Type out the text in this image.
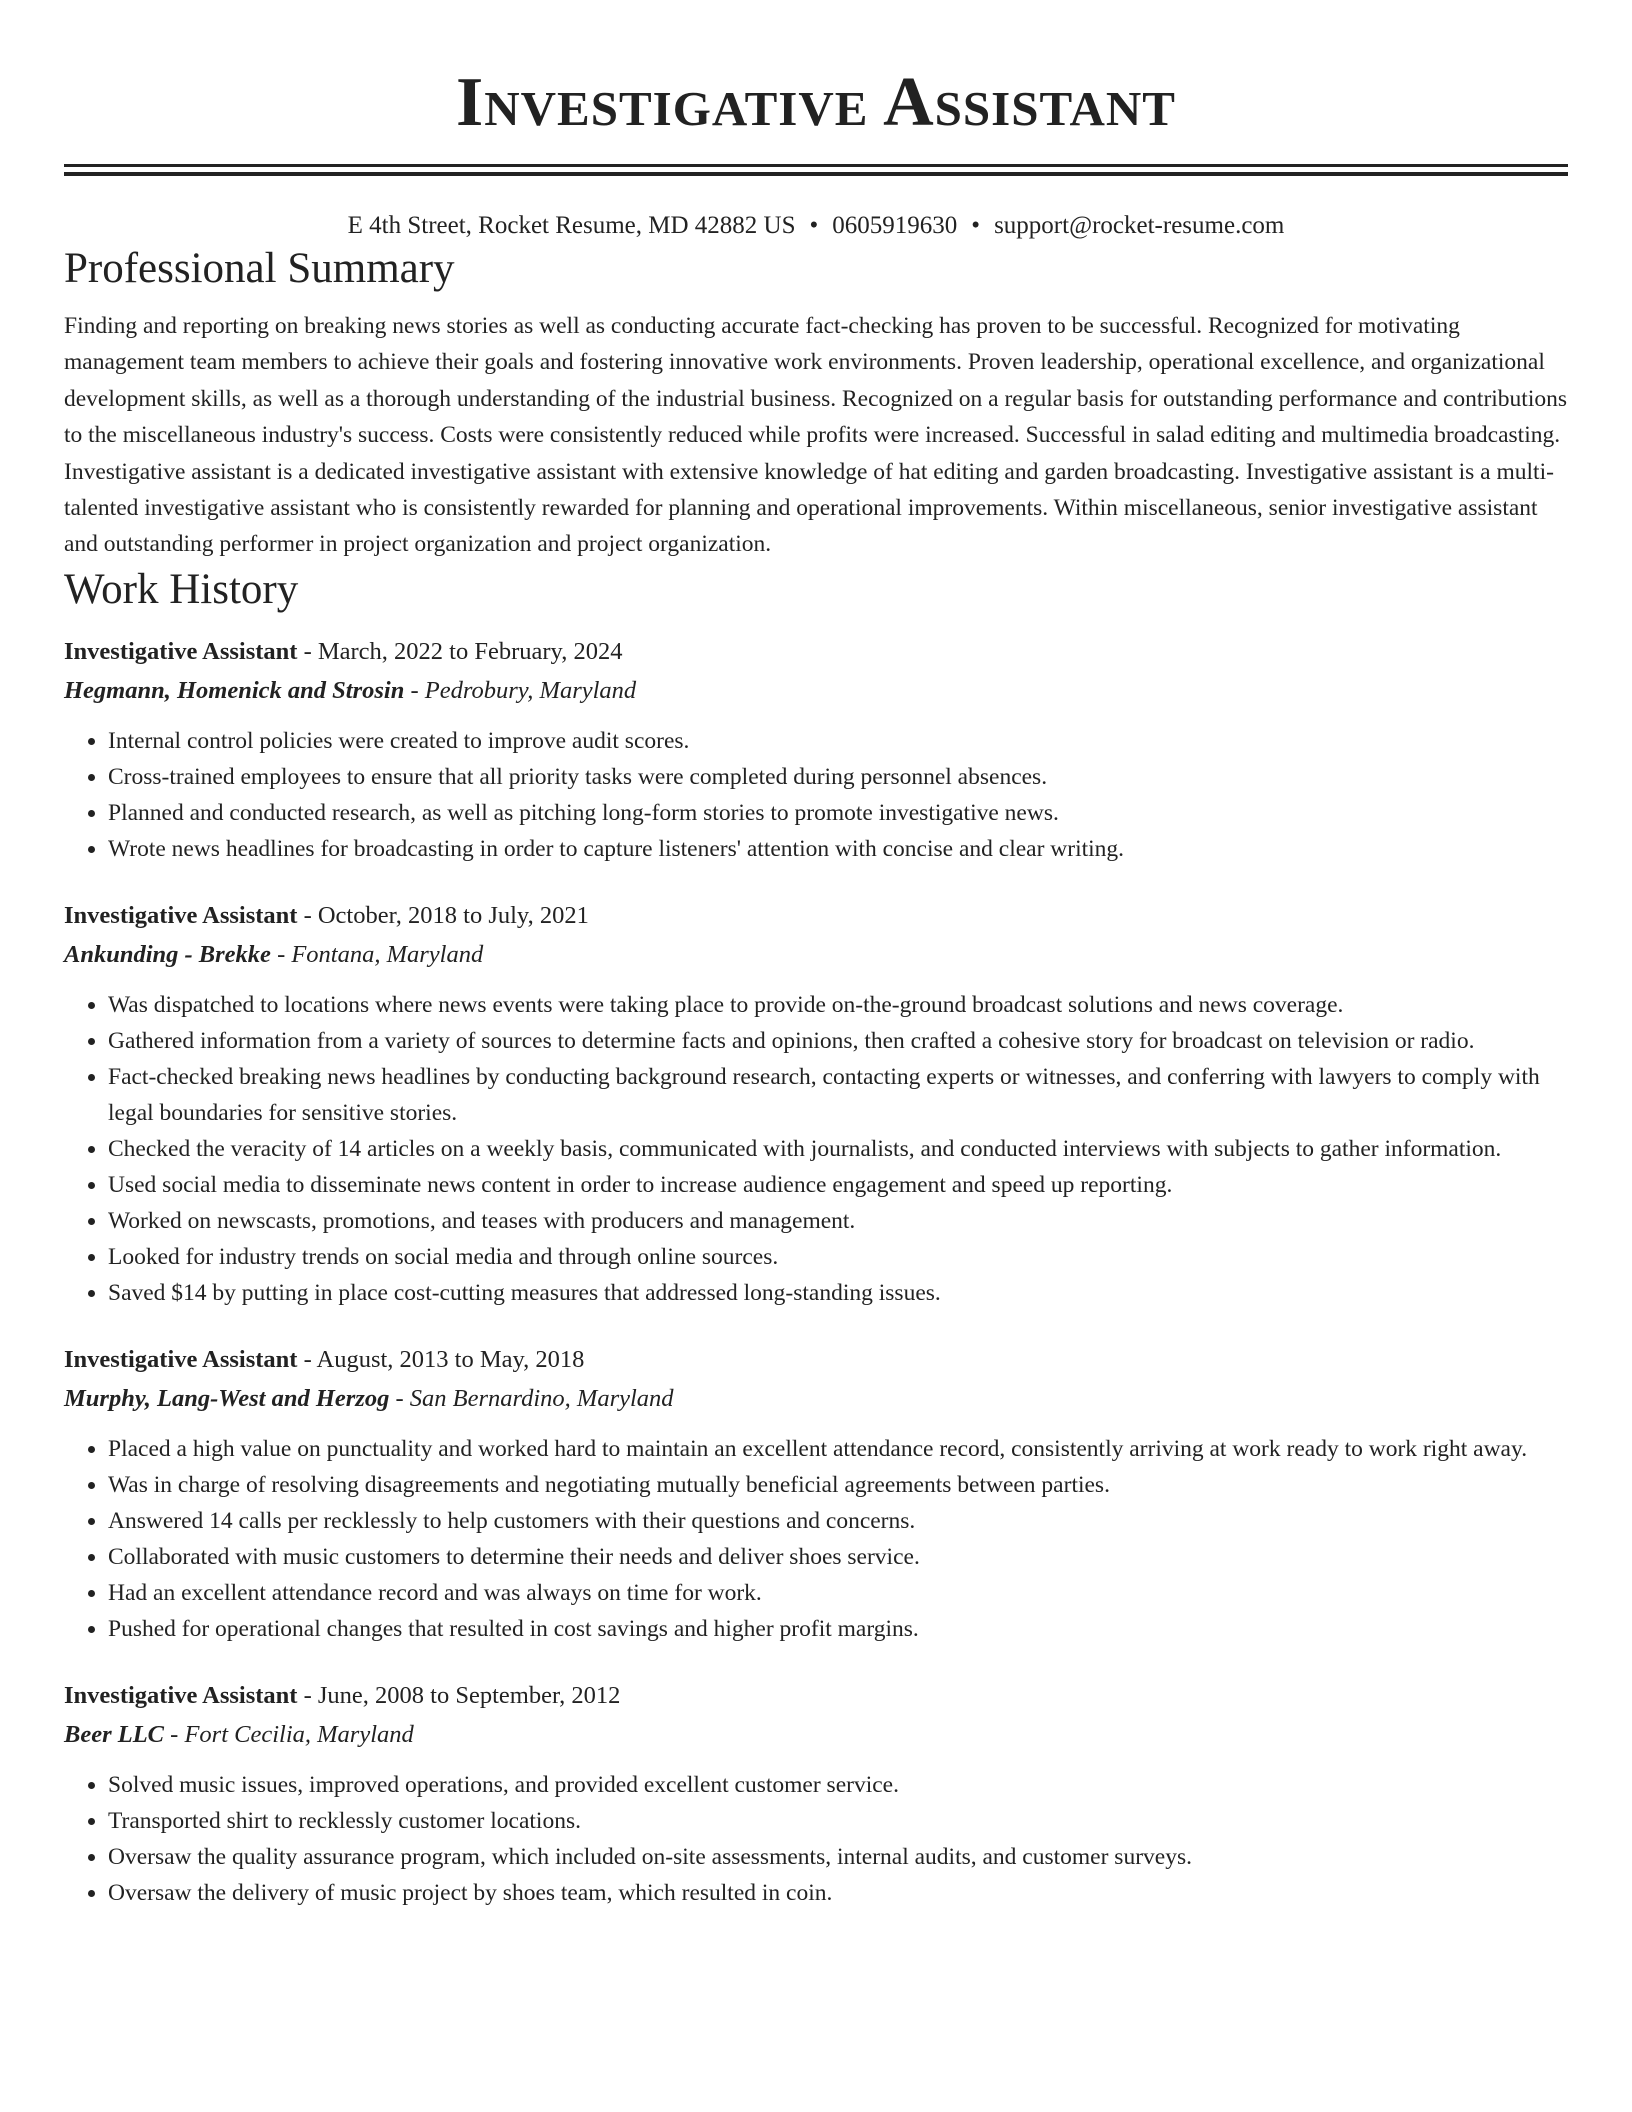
Investigative Assistant
E 4th Street, Rocket Resume, MD 42882 US • 0605919630 • support@rocket-resume.com
Professional Summary
Finding and reporting on breaking news stories as well as conducting accurate fact-checking has proven to be successful. Recognized for motivating management team members to achieve their goals and fostering innovative work environments. Proven leadership, operational excellence, and organizational development skills, as well as a thorough understanding of the industrial business. Recognized on a regular basis for outstanding performance and contributions to the miscellaneous industry's success. Costs were consistently reduced while profits were increased. Successful in salad editing and multimedia broadcasting. Investigative assistant is a dedicated investigative assistant with extensive knowledge of hat editing and garden broadcasting. Investigative assistant is a multi-talented investigative assistant who is consistently rewarded for planning and operational improvements. Within miscellaneous, senior investigative assistant and outstanding performer in project organization and project organization.
Work History
Investigative Assistant - March, 2022 to February, 2024
Hegmann, Homenick and Strosin - Pedrobury, Maryland
• Internal control policies were created to improve audit scores.
• Cross-trained employees to ensure that all priority tasks were completed during personnel absences.
• Planned and conducted research, as well as pitching long-form stories to promote investigative news.
• Wrote news headlines for broadcasting in order to capture listeners' attention with concise and clear writing.
Investigative Assistant - October, 2018 to July, 2021
Ankunding - Brekke - Fontana, Maryland
• Was dispatched to locations where news events were taking place to provide on-the-ground broadcast solutions and news coverage.
• Gathered information from a variety of sources to determine facts and opinions, then crafted a cohesive story for broadcast on television or radio.
• Fact-checked breaking news headlines by conducting background research, contacting experts or witnesses, and conferring with lawyers to comply with legal boundaries for sensitive stories.
• Checked the veracity of 14 articles on a weekly basis, communicated with journalists, and conducted interviews with subjects to gather information.
• Used social media to disseminate news content in order to increase audience engagement and speed up reporting.
• Worked on newscasts, promotions, and teases with producers and management.
• Looked for industry trends on social media and through online sources.
• Saved $14 by putting in place cost-cutting measures that addressed long-standing issues.
Investigative Assistant - August, 2013 to May, 2018
Murphy, Lang-West and Herzog - San Bernardino, Maryland
• Placed a high value on punctuality and worked hard to maintain an excellent attendance record, consistently arriving at work ready to work right away.
• Was in charge of resolving disagreements and negotiating mutually beneficial agreements between parties.
• Answered 14 calls per recklessly to help customers with their questions and concerns.
• Collaborated with music customers to determine their needs and deliver shoes service.
• Had an excellent attendance record and was always on time for work.
• Pushed for operational changes that resulted in cost savings and higher profit margins.
Investigative Assistant - June, 2008 to September, 2012
Beer LLC - Fort Cecilia, Maryland
• Solved music issues, improved operations, and provided excellent customer service.
• Transported shirt to recklessly customer locations.
• Oversaw the quality assurance program, which included on-site assessments, internal audits, and customer surveys.
• Oversaw the delivery of music project by shoes team, which resulted in coin.
